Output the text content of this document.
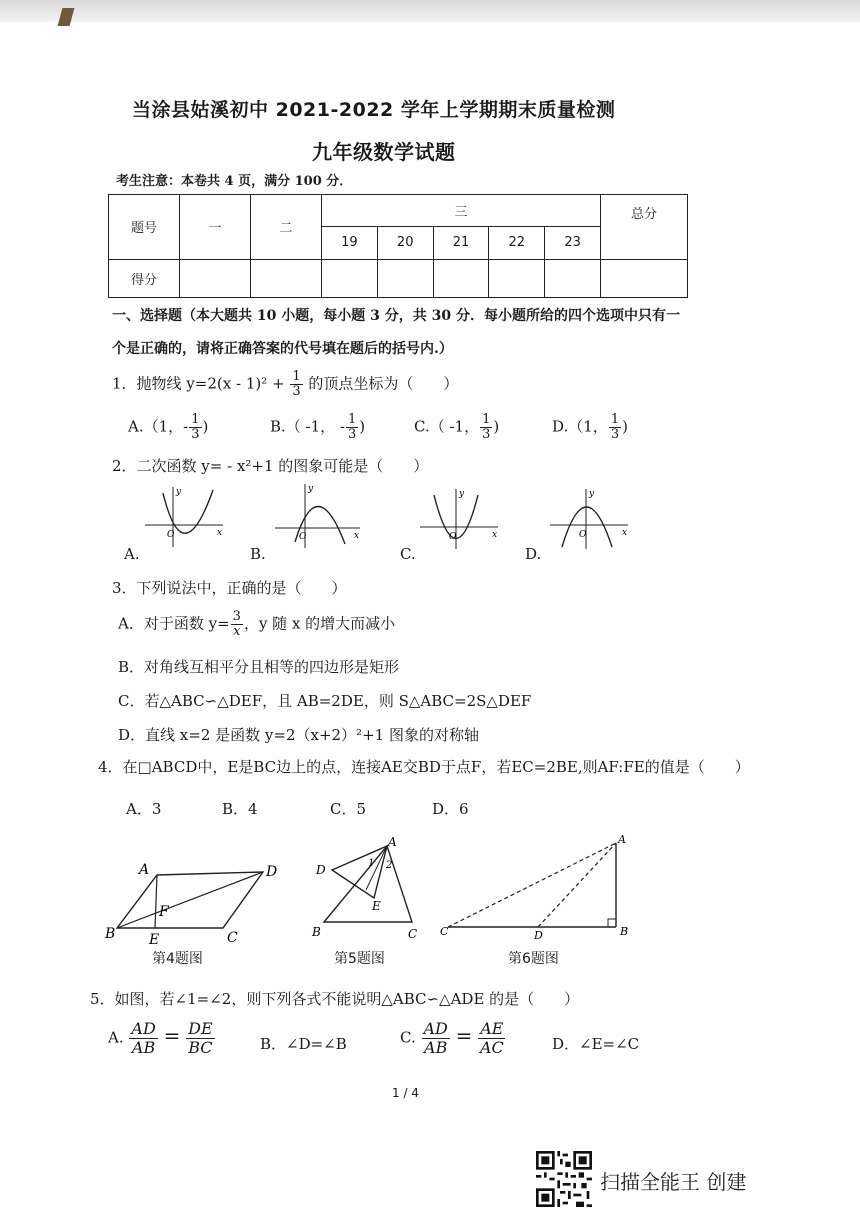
当涂县姑溪初中 2021-2022 学年上学期期末质量检测
九年级数学试题
考生注意：本卷共 4 页，满分 100 分．
题号	一	二	三					总分
			19	20	21	22	23	
得分								
一、选择题（本大题共 10 小题，每小题 3 分，共 30 分．每小题所给的四个选项中只有一
个是正确的，请将正确答案的代号填在题后的括号内.）
1．抛物线 $y=2(x - 1)^2 + \frac{1}{3}$ 的顶点坐标为（　　）
A.（1，- $\frac{1}{3}$ )	B.（ -1， - $\frac{1}{3}$ )	C.（ -1， $\frac{1}{3}$ )	D.（1， $\frac{1}{3}$ )
2．二次函数 y= - x²+1 的图象可能是（　　）
O	x
y
O	x
y
O	x
y
O	x
y
A.	B.	C.	D.
3．下列说法中，正确的是（　　）
A．对于函数 $y= \frac{3}{x}$ ，y 随 x 的增大而减小
B．对角线互相平分且相等的四边形是矩形
C．若△ABC∽△DEF，且 AB=2DE，则 S△ABC=2S△DEF
D．直线 x=2 是函数 y=2（x+2）²+1 图象的对称轴
4．在□ABCD中，E是BC边上的点，连接AE交BD于点F，若EC=2BE,则AF:FE的值是（　　）
A．3	B．4	C．5	D．6
A
B	C
D
E
F
第4题图
A
B	C
D
E
1 2
第5题图
A
B
C	D
第6题图
5．如图，若∠1=∠2，则下列各式不能说明△ABC∽△ADE 的是（　　）
A. $\frac{AD}{AB} = \frac{DE}{BC}$	B．∠D=∠B	C. $\frac{AD}{AB} = \frac{AE}{AC}$	D．∠E=∠C
1 / 4
扫描全能王 创建
